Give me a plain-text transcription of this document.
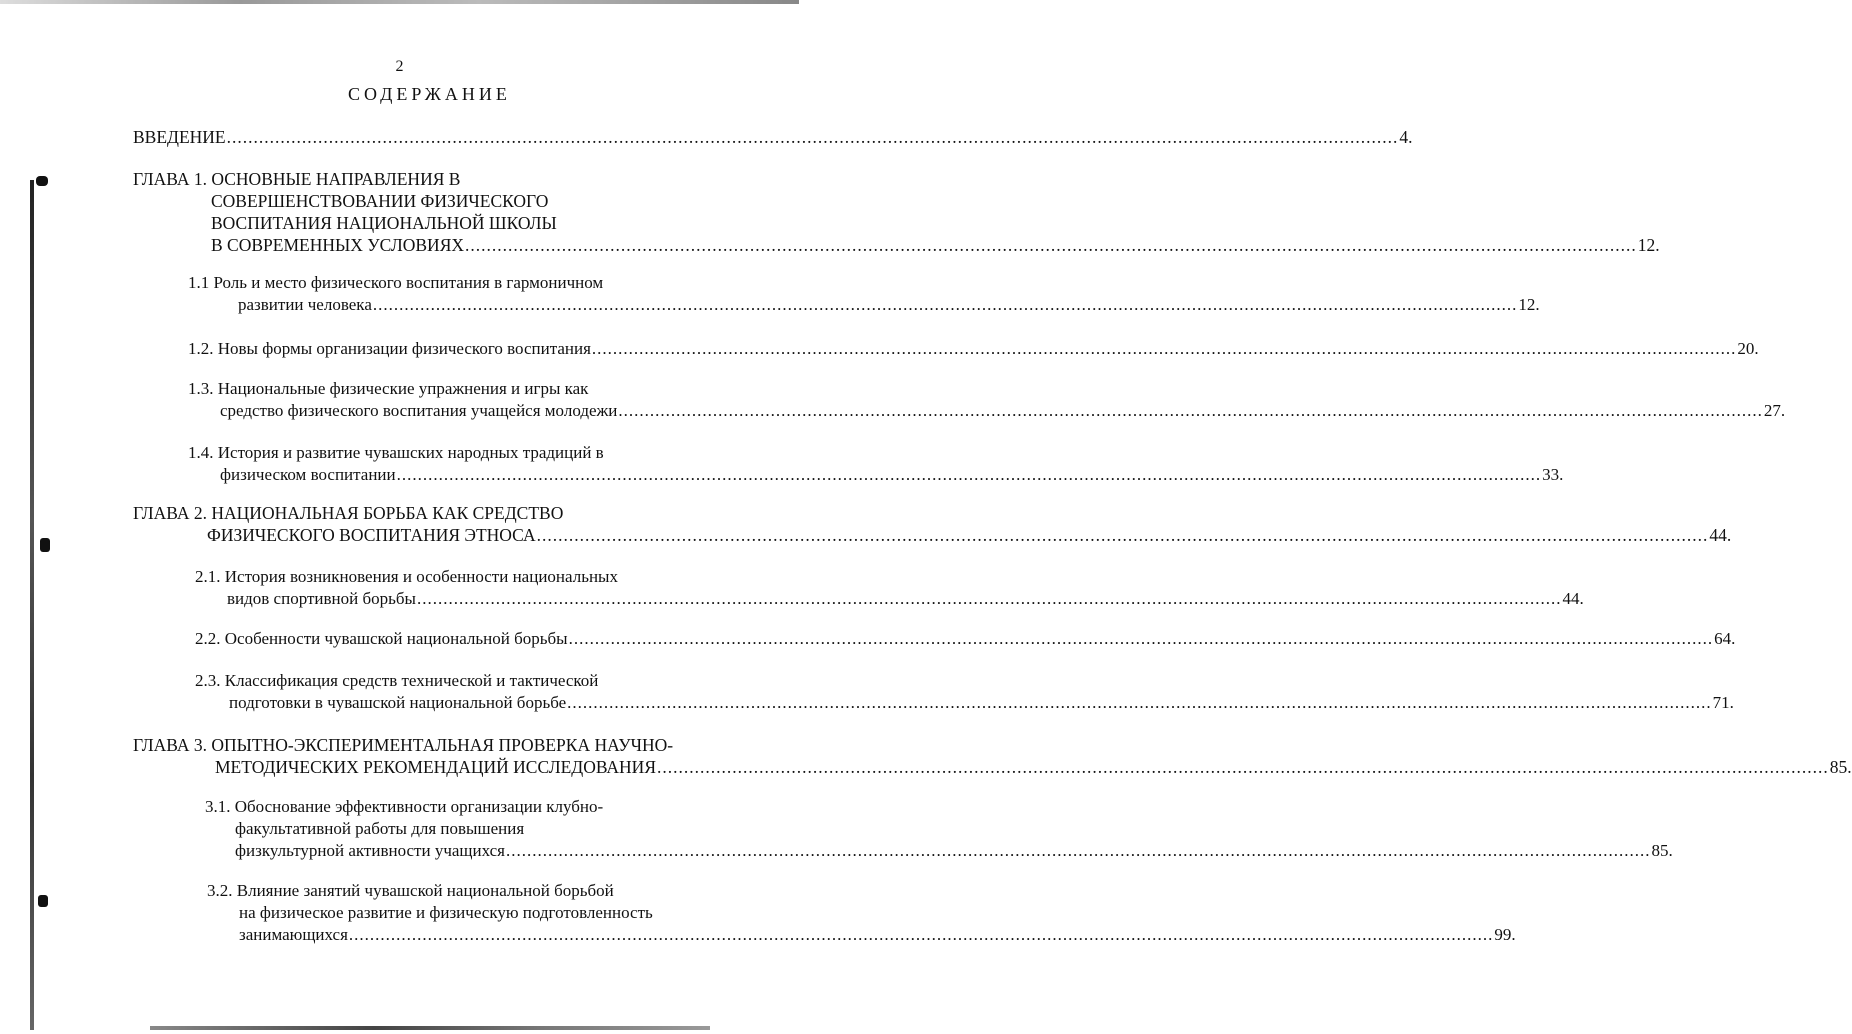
2
СОДЕРЖАНИЕ
ВВЕДЕНИЕ .......................................................................................................................................................................................................................... 4.
ГЛАВА 1. ОСНОВНЫЕ НАПРАВЛЕНИЯ В
СОВЕРШЕНСТВОВАНИИ ФИЗИЧЕСКОГО
ВОСПИТАНИЯ НАЦИОНАЛЬНОЙ ШКОЛЫ
В СОВРЕМЕННЫХ УСЛОВИЯХ .......................................................................................................................................................................................................................... 12.
1.1 Роль и место физического воспитания в гармоничном
развитии человека .......................................................................................................................................................................................................................... 12.
1.2. Новы формы организации физического воспитания .......................................................................................................................................................................................................................... 20.
1.3. Национальные физические упражнения и игры как
средство физического воспитания учащейся молодежи .......................................................................................................................................................................................................................... 27.
1.4. История и развитие чувашских народных традиций в
физическом воспитании .......................................................................................................................................................................................................................... 33.
ГЛАВА 2. НАЦИОНАЛЬНАЯ БОРЬБА КАК СРЕДСТВО
ФИЗИЧЕСКОГО ВОСПИТАНИЯ ЭТНОСА .......................................................................................................................................................................................................................... 44.
2.1. История возникновения и особенности национальных
видов спортивной борьбы .......................................................................................................................................................................................................................... 44.
2.2. Особенности чувашской национальной борьбы .......................................................................................................................................................................................................................... 64.
2.3. Классификация средств технической и тактической
подготовки в чувашской национальной борьбе .......................................................................................................................................................................................................................... 71.
ГЛАВА 3. ОПЫТНО-ЭКСПЕРИМЕНТАЛЬНАЯ ПРОВЕРКА НАУЧНО-
МЕТОДИЧЕСКИХ РЕКОМЕНДАЦИЙ ИССЛЕДОВАНИЯ .......................................................................................................................................................................................................................... 85.
3.1. Обоснование эффективности организации клубно-
факультативной работы для повышения
физкультурной активности учащихся .......................................................................................................................................................................................................................... 85.
3.2. Влияние занятий чувашской национальной борьбой
на физическое развитие и физическую подготовленность
занимающихся .......................................................................................................................................................................................................................... 99.
